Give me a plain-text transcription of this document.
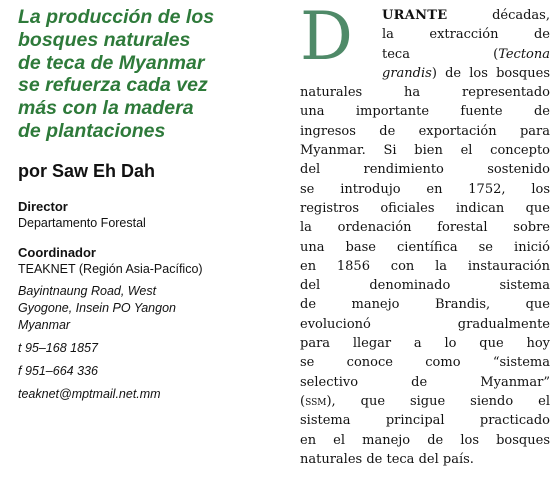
La producción de los
bosques naturales
de teca de Myanmar
se refuerza cada vez
más con la madera
de plantaciones
por Saw Eh Dah
Director
Departamento Forestal
Coordinador
TEAKNET (Región Asia-Pacífico)
Bayintnaung Road, West
Gyogone, Insein PO Yangon
Myanmar
t 95–168 1857
f 951–664 336
teaknet@mptmail.net.mm
D	URANTE	décadas,
la extracción de
teca (Tectona
grandis) de los bosques
naturales ha representado
una importante fuente de
ingresos de exportación para
Myanmar. Si bien el concepto
del rendimiento sostenido
se introdujo en 1752, los
registros oficiales indican que
la ordenación forestal sobre
una base científica se inició
en 1856 con la instauración
del denominado sistema
de manejo Brandis, que
evolucionó gradualmente
para llegar a lo que hoy
se conoce como “sistema
selectivo de Myanmar”
(ssm), que sigue siendo el
sistema principal practicado
en el manejo de los bosques
naturales de teca del país.
